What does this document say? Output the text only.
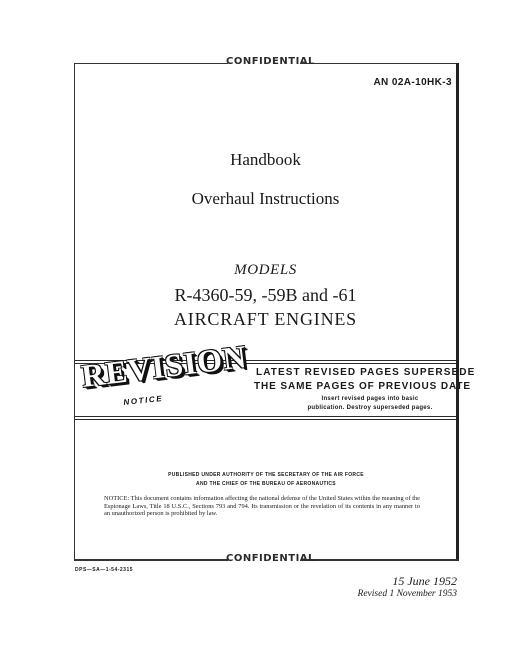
CONFIDENTIAL
AN 02A-10HK-3
Handbook
Overhaul Instructions
MODELS
R-4360-59, -59B and -61
AIRCRAFT ENGINES
REVISION
NOTICE
LATEST REVISED PAGES SUPERSEDE
THE SAME PAGES OF PREVIOUS DATE
Insert revised pages into basic
publication. Destroy superseded pages.
PUBLISHED UNDER AUTHORITY OF THE SECRETARY OF THE AIR FORCE
AND THE CHIEF OF THE BUREAU OF AERONAUTICS
NOTICE: This document contains information affecting the national defense of the United States within the meaning of the Espionage Laws, Title 18 U.S.C., Sections 793 and 794. Its transmission or the revelation of its contents in any manner to an unauthorized person is prohibited by law.
CONFIDENTIAL
DPS—SA—1-54-2315
15 June 1952
Revised 1 November 1953
